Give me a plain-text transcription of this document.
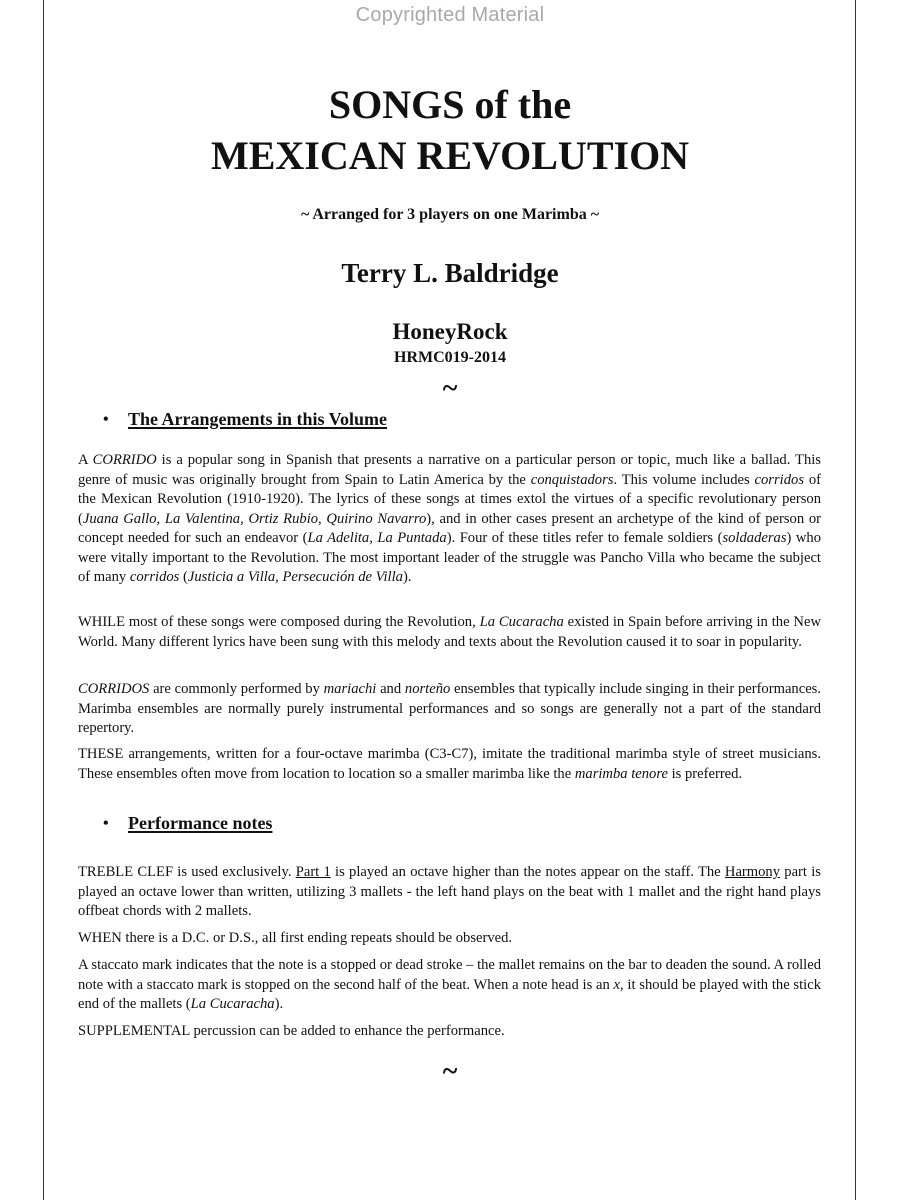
Copyrighted Material
SONGS of the
MEXICAN REVOLUTION
~ Arranged for 3 players on one Marimba ~
Terry L. Baldridge
HoneyRock
HRMC019-2014
~
•	The Arrangements in this Volume

A CORRIDO is a popular song in Spanish that presents a narrative on a particular person or topic, much like a ballad. This genre of music was originally brought from Spain to Latin America by the conquistadors. This volume includes corridos of the Mexican Revolution (1910-1920). The lyrics of these songs at times extol the virtues of a specific revolutionary person (Juana Gallo, La Valentina, Ortiz Rubio, Quirino Navarro), and in other cases present an archetype of the kind of person or concept needed for such an endeavor (La Adelita, La Puntada). Four of these titles refer to female soldiers (soldaderas) who were vitally important to the Revolution. The most important leader of the struggle was Pancho Villa who became the subject of many corridos (Justicia a Villa, Persecución de Villa).

WHILE most of these songs were composed during the Revolution, La Cucaracha existed in Spain before arriving in the New World. Many different lyrics have been sung with this melody and texts about the Revolution caused it to soar in popularity.

CORRIDOS are commonly performed by mariachi and norteño ensembles that typically include singing in their performances. Marimba ensembles are normally purely instrumental performances and so songs are generally not a part of the standard repertory.

THESE arrangements, written for a four-octave marimba (C3-C7), imitate the traditional marimba style of street musicians. These ensembles often move from location to location so a smaller marimba like the marimba tenore is preferred.

•	Performance notes

TREBLE CLEF is used exclusively. Part 1 is played an octave higher than the notes appear on the staff. The Harmony part is played an octave lower than written, utilizing 3 mallets - the left hand plays on the beat with 1 mallet and the right hand plays offbeat chords with 2 mallets.

WHEN there is a D.C. or D.S., all first ending repeats should be observed.

A staccato mark indicates that the note is a stopped or dead stroke – the mallet remains on the bar to deaden the sound. A rolled note with a staccato mark is stopped on the second half of the beat. When a note head is an x, it should be played with the stick end of the mallets (La Cucaracha).

SUPPLEMENTAL percussion can be added to enhance the performance.

~
